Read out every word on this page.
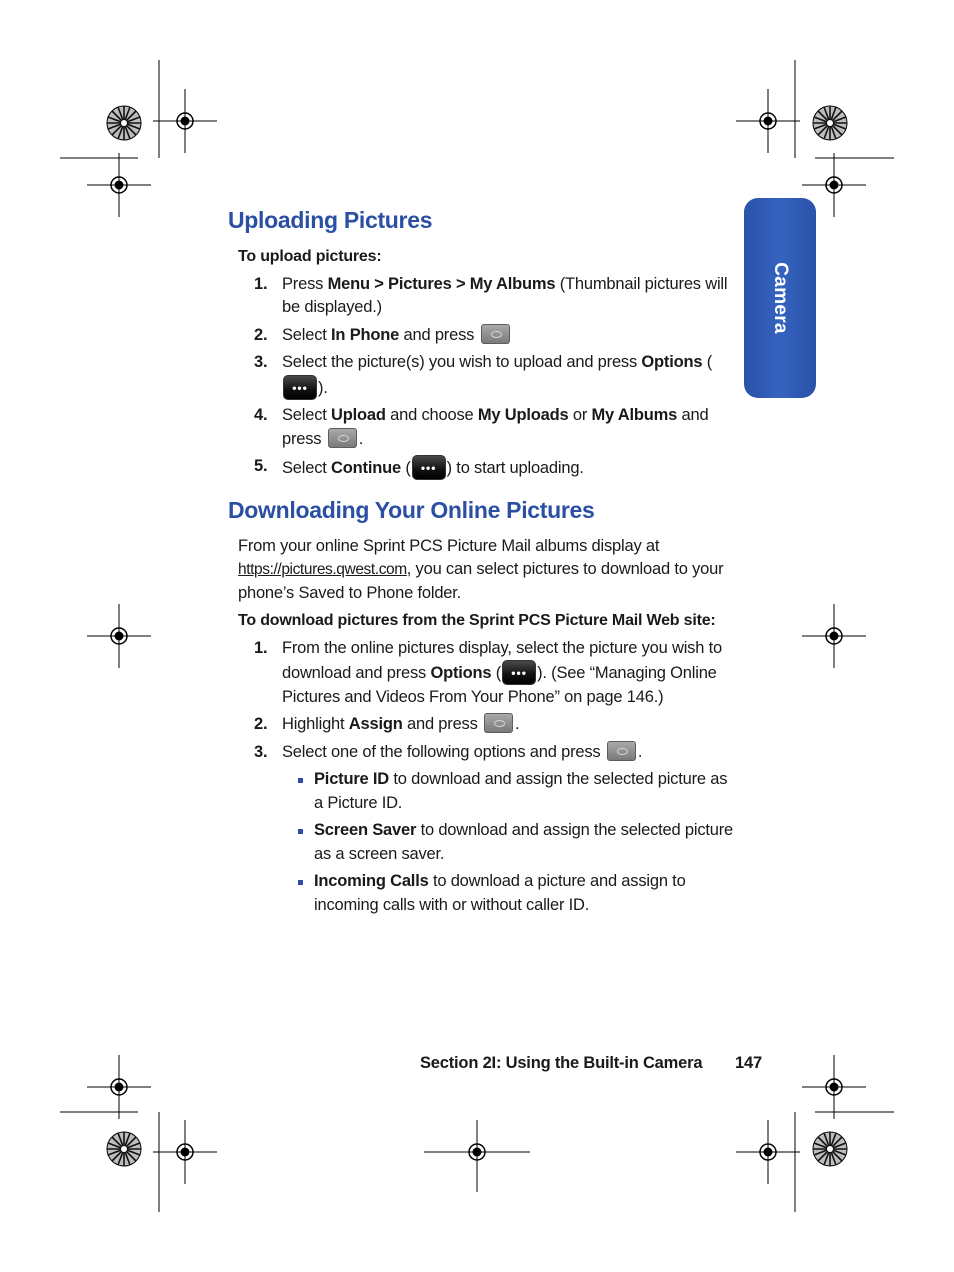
Camera
Uploading Pictures
To upload pictures:
1. Press Menu > Pictures > My Albums (Thumbnail pictures will be displayed.)
2. Select In Phone and press
3. Select the picture(s) you wish to upload and press Options (
••• ).
4. Select Upload and choose My Uploads or My Albums and press .
5. Select Continue ( ••• ) to start uploading.
Downloading Your Online Pictures
From your online Sprint PCS Picture Mail albums display at
https://pictures.qwest.com, you can select pictures to download to your phone’s Saved to Phone folder.
To download pictures from the Sprint PCS Picture Mail Web site:
1. From the online pictures display, select the picture you wish to download and press Options ( ••• ). (See “Managing Online Pictures and Videos From Your Phone” on page 146.)
2. Highlight Assign and press .
3. Select one of the following options and press .
Picture ID to download and assign the selected picture as a Picture ID.
Screen Saver to download and assign the selected picture as a screen saver.
Incoming Calls to download a picture and assign to incoming calls with or without caller ID.
Section 2I: Using the Built-in Camera 147
